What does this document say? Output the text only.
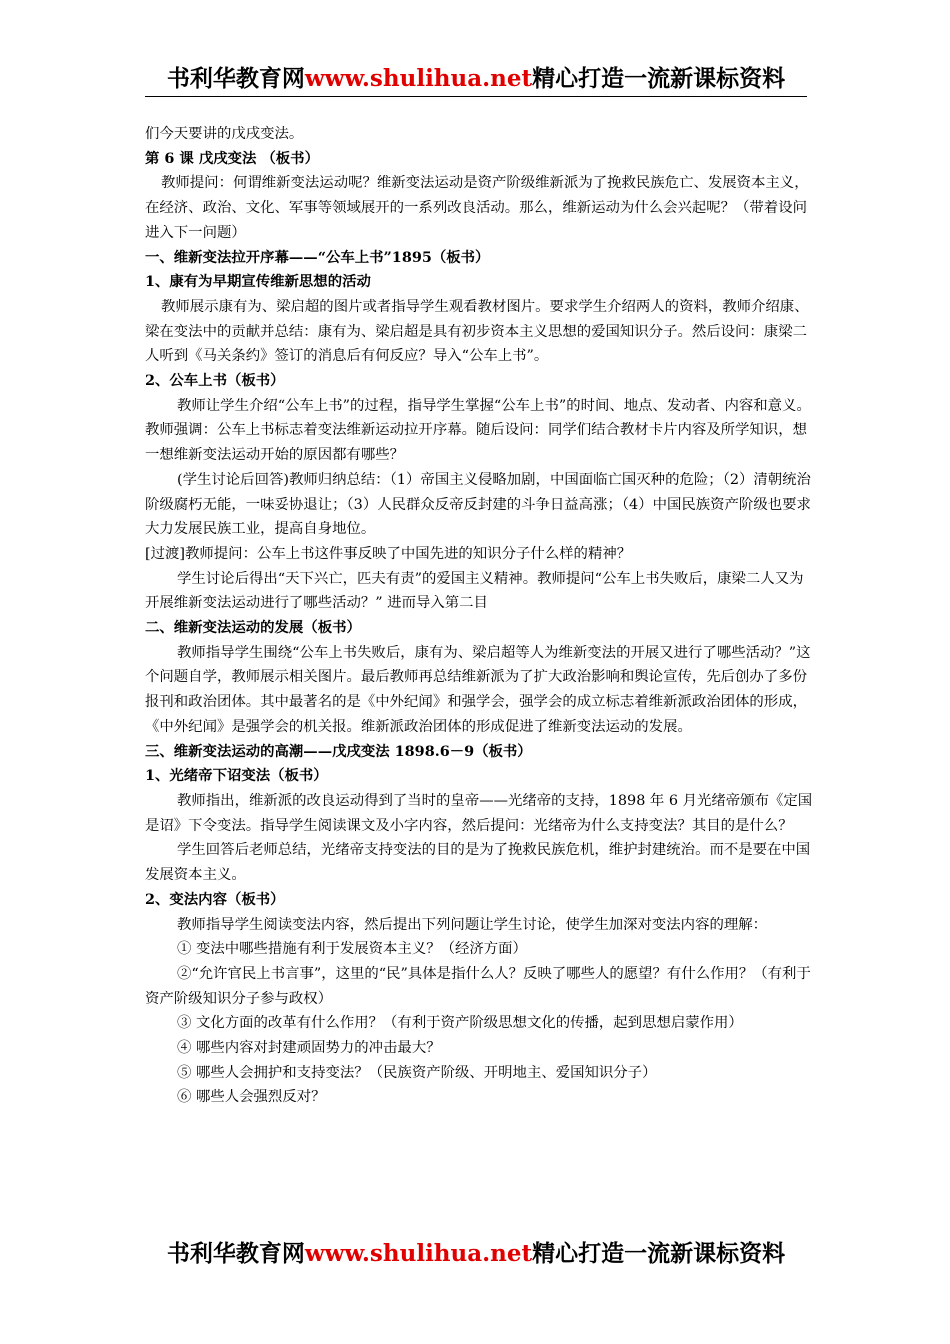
书利华教育网www.shulihua.net精心打造一流新课标资料

们今天要讲的戊戌变法。

第 6 课 戊戌变法 （板书）

教师提问：何谓维新变法运动呢？维新变法运动是资产阶级维新派为了挽救民族危亡、发展资本主义，在经济、政治、文化、军事等领域展开的一系列改良活动。那么，维新运动为什么会兴起呢？（带着设问进入下一问题）

一、维新变法拉开序幕——“公车上书”1895（板书）

1、康有为早期宣传维新思想的活动

教师展示康有为、梁启超的图片或者指导学生观看教材图片。要求学生介绍两人的资料，教师介绍康、梁在变法中的贡献并总结：康有为、梁启超是具有初步资本主义思想的爱国知识分子。然后设问：康梁二人听到《马关条约》签订的消息后有何反应？导入“公车上书”。

2、公车上书（板书）

教师让学生介绍“公车上书”的过程，指导学生掌握“公车上书”的时间、地点、发动者、内容和意义。教师强调：公车上书标志着变法维新运动拉开序幕。随后设问：同学们结合教材卡片内容及所学知识，想一想维新变法运动开始的原因都有哪些？

(学生讨论后回答)教师归纳总结：（1）帝国主义侵略加剧，中国面临亡国灭种的危险；（2）清朝统治阶级腐朽无能，一味妥协退让；（3）人民群众反帝反封建的斗争日益高涨；（4）中国民族资产阶级也要求大力发展民族工业，提高自身地位。

[过渡]教师提问：公车上书这件事反映了中国先进的知识分子什么样的精神？

学生讨论后得出“天下兴亡，匹夫有责”的爱国主义精神。教师提问“公车上书失败后，康梁二人又为开展维新变法运动进行了哪些活动？” 进而导入第二目

二、维新变法运动的发展（板书）

教师指导学生围绕“公车上书失败后，康有为、梁启超等人为维新变法的开展又进行了哪些活动？”这个问题自学，教师展示相关图片。最后教师再总结维新派为了扩大政治影响和舆论宣传，先后创办了多份报刊和政治团体。其中最著名的是《中外纪闻》和强学会，强学会的成立标志着维新派政治团体的形成，《中外纪闻》是强学会的机关报。维新派政治团体的形成促进了维新变法运动的发展。

三、维新变法运动的高潮——戊戌变法 1898.6－9（板书）

1、光绪帝下诏变法（板书）

教师指出，维新派的改良运动得到了当时的皇帝——光绪帝的支持，1898 年 6 月光绪帝颁布《定国是诏》下令变法。指导学生阅读课文及小字内容，然后提问：光绪帝为什么支持变法？其目的是什么？

学生回答后老师总结，光绪帝支持变法的目的是为了挽救民族危机，维护封建统治。而不是要在中国发展资本主义。

2、变法内容（板书）

教师指导学生阅读变法内容，然后提出下列问题让学生讨论，使学生加深对变法内容的理解：

① 变法中哪些措施有利于发展资本主义？（经济方面）

②“允许官民上书言事”，这里的“民”具体是指什么人？反映了哪些人的愿望？有什么作用？（有利于资产阶级知识分子参与政权）

③ 文化方面的改革有什么作用？（有利于资产阶级思想文化的传播，起到思想启蒙作用）

④ 哪些内容对封建顽固势力的冲击最大？

⑤ 哪些人会拥护和支持变法？（民族资产阶级、开明地主、爱国知识分子）

⑥ 哪些人会强烈反对？

书利华教育网www.shulihua.net精心打造一流新课标资料
